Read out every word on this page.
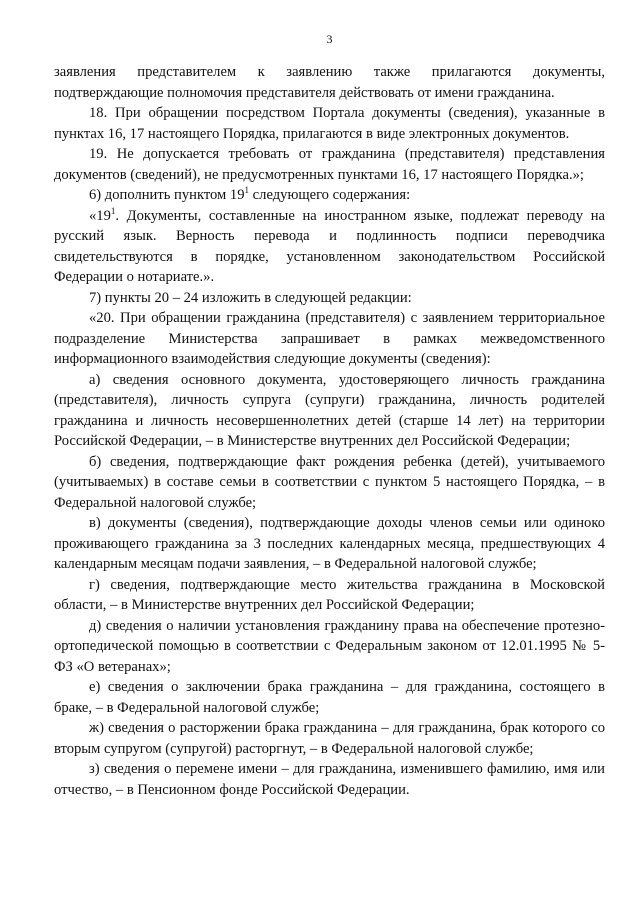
3

заявления представителем к заявлению также прилагаются документы, подтверждающие полномочия представителя действовать от имени гражданина.

18. При обращении посредством Портала документы (сведения), указанные в пунктах 16, 17 настоящего Порядка, прилагаются в виде электронных документов.

19. Не допускается требовать от гражданина (представителя) представления документов (сведений), не предусмотренных пунктами 16, 17 настоящего Порядка.»;

6) дополнить пунктом $19^1$ следующего содержания:

«$19^1$. Документы, составленные на иностранном языке, подлежат переводу на русский язык. Верность перевода и подлинность подписи переводчика свидетельствуются в порядке, установленном законодательством Российской Федерации о нотариате.».

7) пункты 20 – 24 изложить в следующей редакции:

«20. При обращении гражданина (представителя) с заявлением территориальное подразделение Министерства запрашивает в рамках межведомственного информационного взаимодействия следующие документы (сведения):

а) сведения основного документа, удостоверяющего личность гражданина (представителя), личность супруга (супруги) гражданина, личность родителей гражданина и личность несовершеннолетних детей (старше 14 лет) на территории Российской Федерации, – в Министерстве внутренних дел Российской Федерации;

б) сведения, подтверждающие факт рождения ребенка (детей), учитываемого (учитываемых) в составе семьи в соответствии с пунктом 5 настоящего Порядка, – в Федеральной налоговой службе;

в) документы (сведения), подтверждающие доходы членов семьи или одиноко проживающего гражданина за 3 последних календарных месяца, предшествующих 4 календарным месяцам подачи заявления, – в Федеральной налоговой службе;

г) сведения, подтверждающие место жительства гражданина в Московской области, – в Министерстве внутренних дел Российской Федерации;

д) сведения о наличии установления гражданину права на обеспечение протезно-ортопедической помощью в соответствии с Федеральным законом от 12.01.1995 № 5-ФЗ «О ветеранах»;

е) сведения о заключении брака гражданина – для гражданина, состоящего в браке, – в Федеральной налоговой службе;

ж) сведения о расторжении брака гражданина – для гражданина, брак которого со вторым супругом (супругой) расторгнут, – в Федеральной налоговой службе;

з) сведения о перемене имени – для гражданина, изменившего фамилию, имя или отчество, – в Пенсионном фонде Российской Федерации.
